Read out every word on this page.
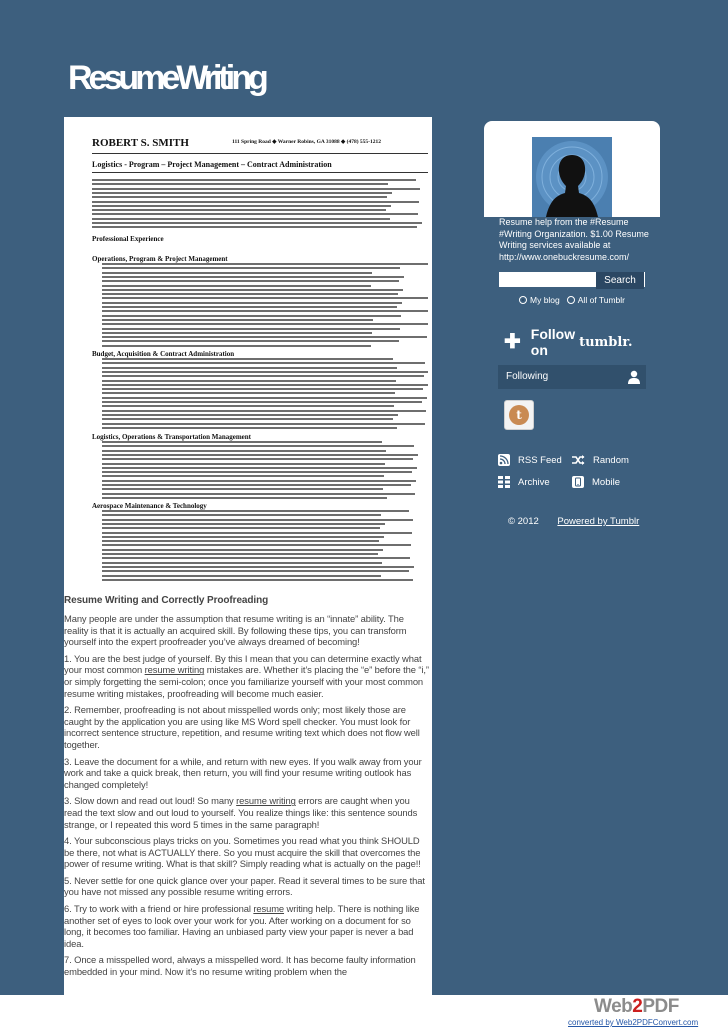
ResumeWriting
ROBERT S. SMITH	111 Spring Road ◆ Warner Robins, GA 31088 ◆ (478) 555-1212
Logistics - Program – Project Management – Contract Administration
Professional Experience
Operations, Program & Project Management
Budget, Acquisition & Contract Administration
Logistics, Operations & Transportation Management
Aerospace Maintenance & Technology
Resume Writing and Correctly Proofreading

Many people are under the assumption that resume writing is an “innate” ability. The reality is that it is actually an acquired skill. By following these tips, you can transform yourself into the expert proofreader you’ve always dreamed of becoming!

1. You are the best judge of yourself. By this I mean that you can determine exactly what your most common resume writing mistakes are. Whether it’s placing the “e” before the “i,” or simply forgetting the semi-colon; once you familiarize yourself with your most common resume writing mistakes, proofreading will become much easier.

2. Remember, proofreading is not about misspelled words only; most likely those are caught by the application you are using like MS Word spell checker. You must look for incorrect sentence structure, repetition, and resume writing text which does not flow well together.

3. Leave the document for a while, and return with new eyes. If you walk away from your work and take a quick break, then return, you will find your resume writing outlook has changed completely!

3. Slow down and read out loud! So many resume writing errors are caught when you read the text slow and out loud to yourself. You realize things like: this sentence sounds strange, or I repeated this word 5 times in the same paragraph!

4. Your subconscious plays tricks on you. Sometimes you read what you think SHOULD be there, not what is ACTUALLY there. So you must acquire the skill that overcomes the power of resume writing. What is that skill? Simply reading what is actually on the page!!

5. Never settle for one quick glance over your paper. Read it several times to be sure that you have not missed any possible resume writing errors.

6. Try to work with a friend or hire professional resume writing help. There is nothing like another set of eyes to look over your work for you. After working on a document for so long, it becomes too familiar. Having an unbiased party view your paper is never a bad idea.

7. Once a misspelled word, always a misspelled word. It has become faulty information embedded in your mind. Now it’s no resume writing problem when the

Resume help from the #Resume #Writing Organization. $1.00 Resume Writing services available at http://www.onebuckresume.com/
Search
My blog All of Tumblr
✚ Follow on	tumblr.
Following
t
RSS Feed	Random
Archive	Mobile
© 2012 Powered by Tumblr
Web2PDF
converted by Web2PDFConvert.com
